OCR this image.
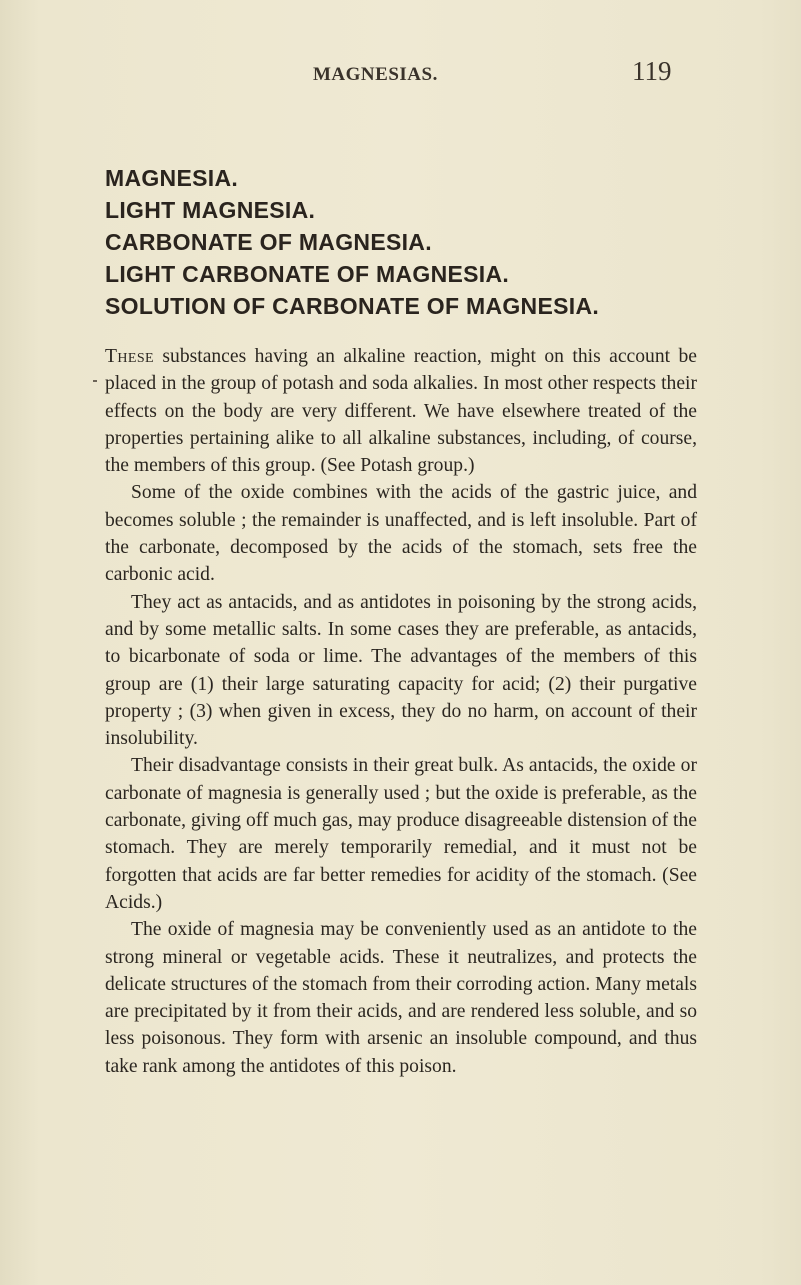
MAGNESIAS.	119
MAGNESIA.
LIGHT MAGNESIA.
CARBONATE OF MAGNESIA.
LIGHT CARBONATE OF MAGNESIA.
SOLUTION OF CARBONATE OF MAGNESIA.

These substances having an alkaline reaction, might on this account be placed in the group of potash and soda alkalies. In most other respects their effects on the body are very different. We have elsewhere treated of the properties pertaining alike to all alkaline substances, including, of course, the members of this group. (See Potash group.)

Some of the oxide combines with the acids of the gastric juice, and becomes soluble ; the remainder is unaffected, and is left insoluble. Part of the carbonate, decomposed by the acids of the stomach, sets free the carbonic acid.

They act as antacids, and as antidotes in poisoning by the strong acids, and by some metallic salts. In some cases they are preferable, as antacids, to bicarbonate of soda or lime. The advantages of the members of this group are (1) their large saturating capacity for acid; (2) their purgative property ; (3) when given in excess, they do no harm, on account of their insolubility.

Their disadvantage consists in their great bulk. As antacids, the oxide or carbonate of magnesia is generally used ; but the oxide is preferable, as the carbonate, giving off much gas, may produce disagreeable distension of the stomach. They are merely temporarily remedial, and it must not be forgotten that acids are far better remedies for acidity of the stomach. (See Acids.)

The oxide of magnesia may be conveniently used as an antidote to the strong mineral or vegetable acids. These it neutralizes, and protects the delicate structures of the stomach from their corroding action. Many metals are precipitated by it from their acids, and are rendered less soluble, and so less poisonous. They form with arsenic an insoluble compound, and thus take rank among the antidotes of this poison.
